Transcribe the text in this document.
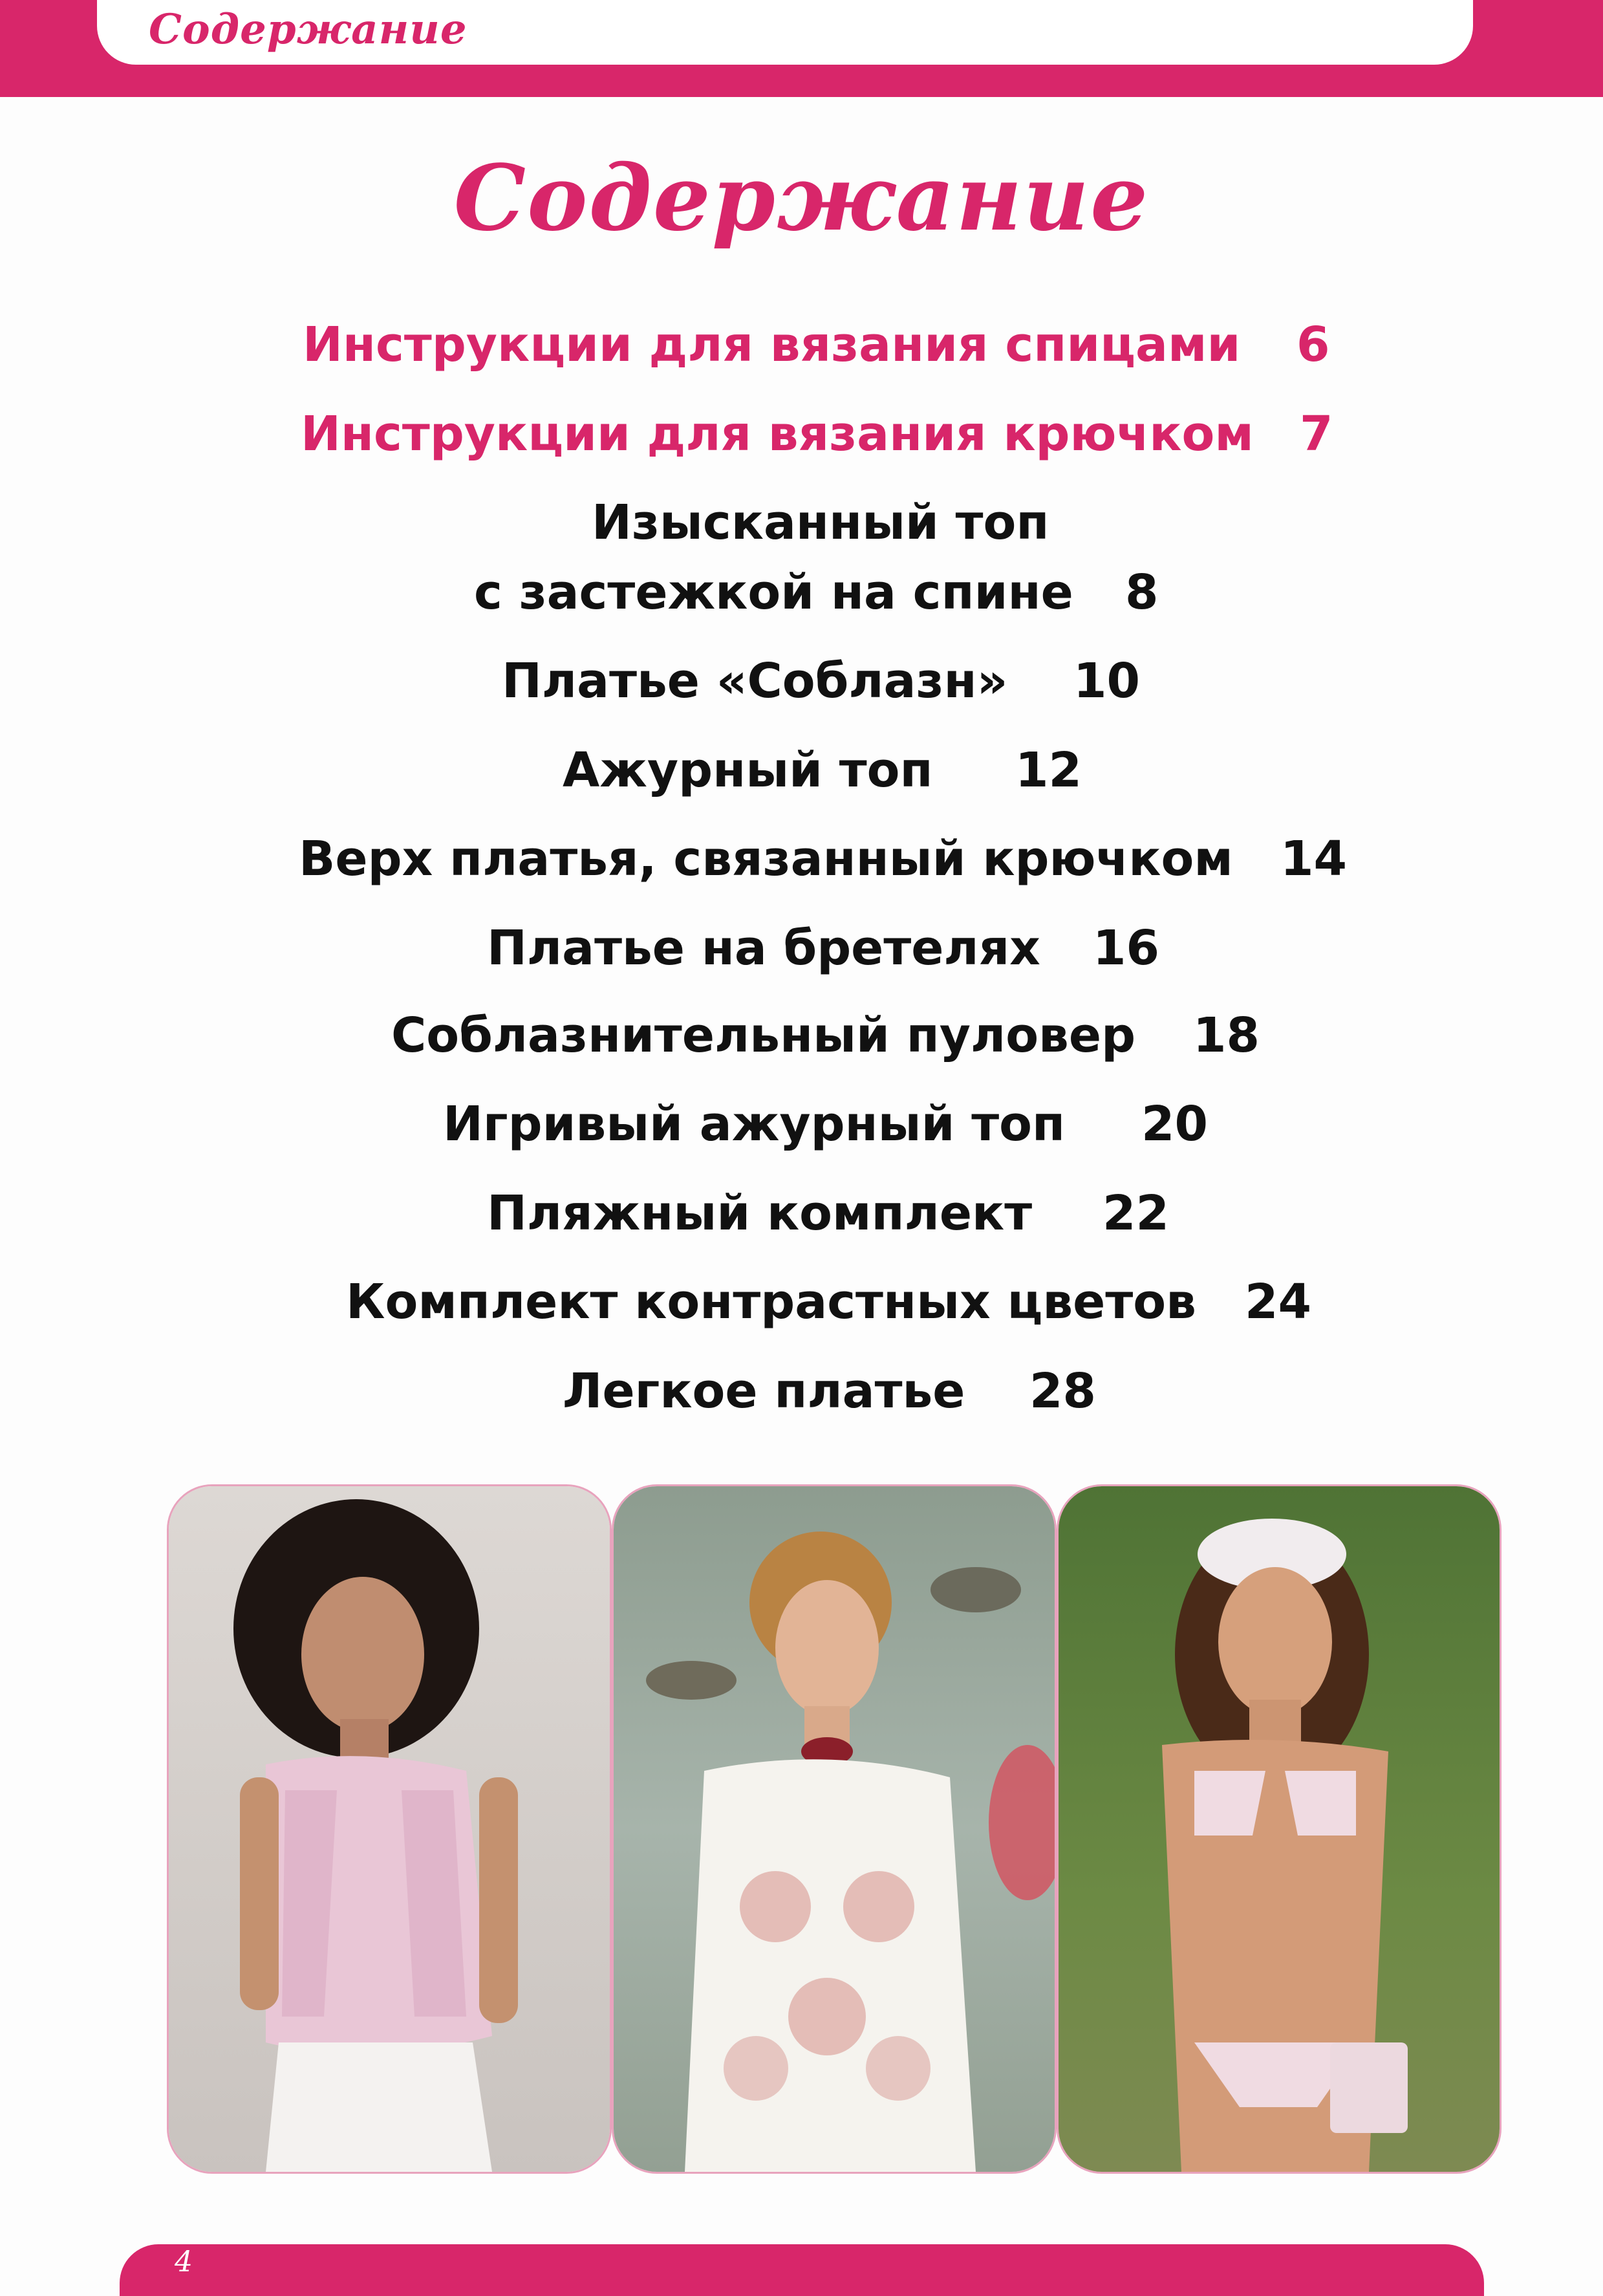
Содержание
Содержание
Инструкции для вязания спицами 6
Инструкции для вязания крючком 7
Изысканный топ
с застежкой на спине 8
Платье «Соблазн» 10
Ажурный топ 12
Верх платья, связанный крючком 14
Платье на бретелях 16
Соблазнительный пуловер 18
Игривый ажурный топ 20
Пляжный комплект 22
Комплект контрастных цветов 24
Легкое платье 28
4
